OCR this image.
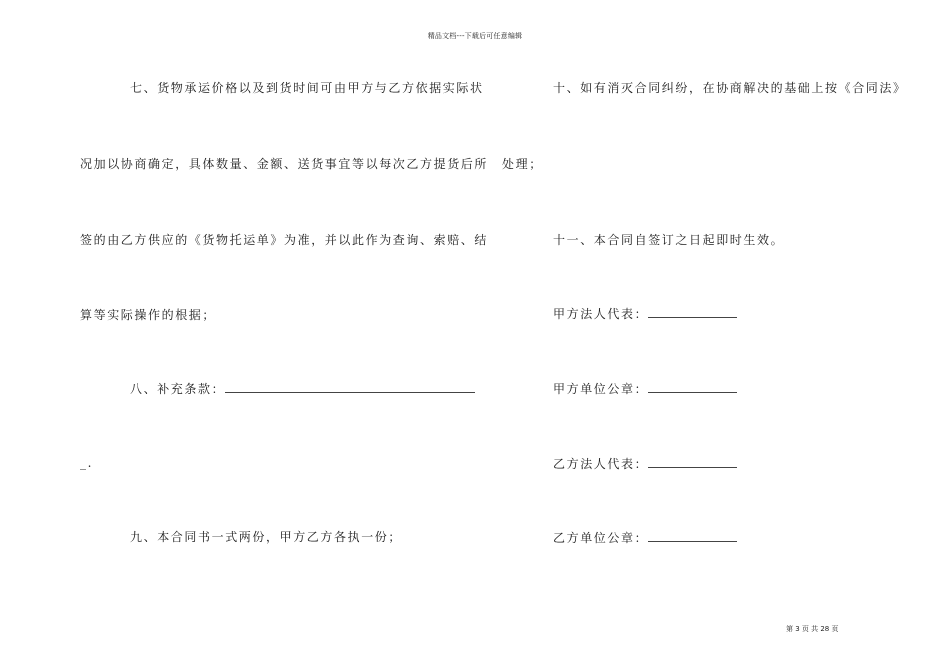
精品文档---下载后可任意编辑
七、货物承运价格以及到货时间可由甲方与乙方依据实际状
况加以协商确定，具体数量、金额、送货事宜等以每次乙方提货后所
签的由乙方供应的《货物托运单》为准，并以此作为查询、索赔、结
算等实际操作的根据；
八、补充条款：
_.
九、本合同书一式两份，甲方乙方各执一份；
十、如有消灭合同纠纷，在协商解决的基础上按《合同法》
处理；
十一、本合同自签订之日起即时生效。
甲方法人代表：
甲方单位公章：
乙方法人代表：
乙方单位公章：
第 3 页 共 28 页
